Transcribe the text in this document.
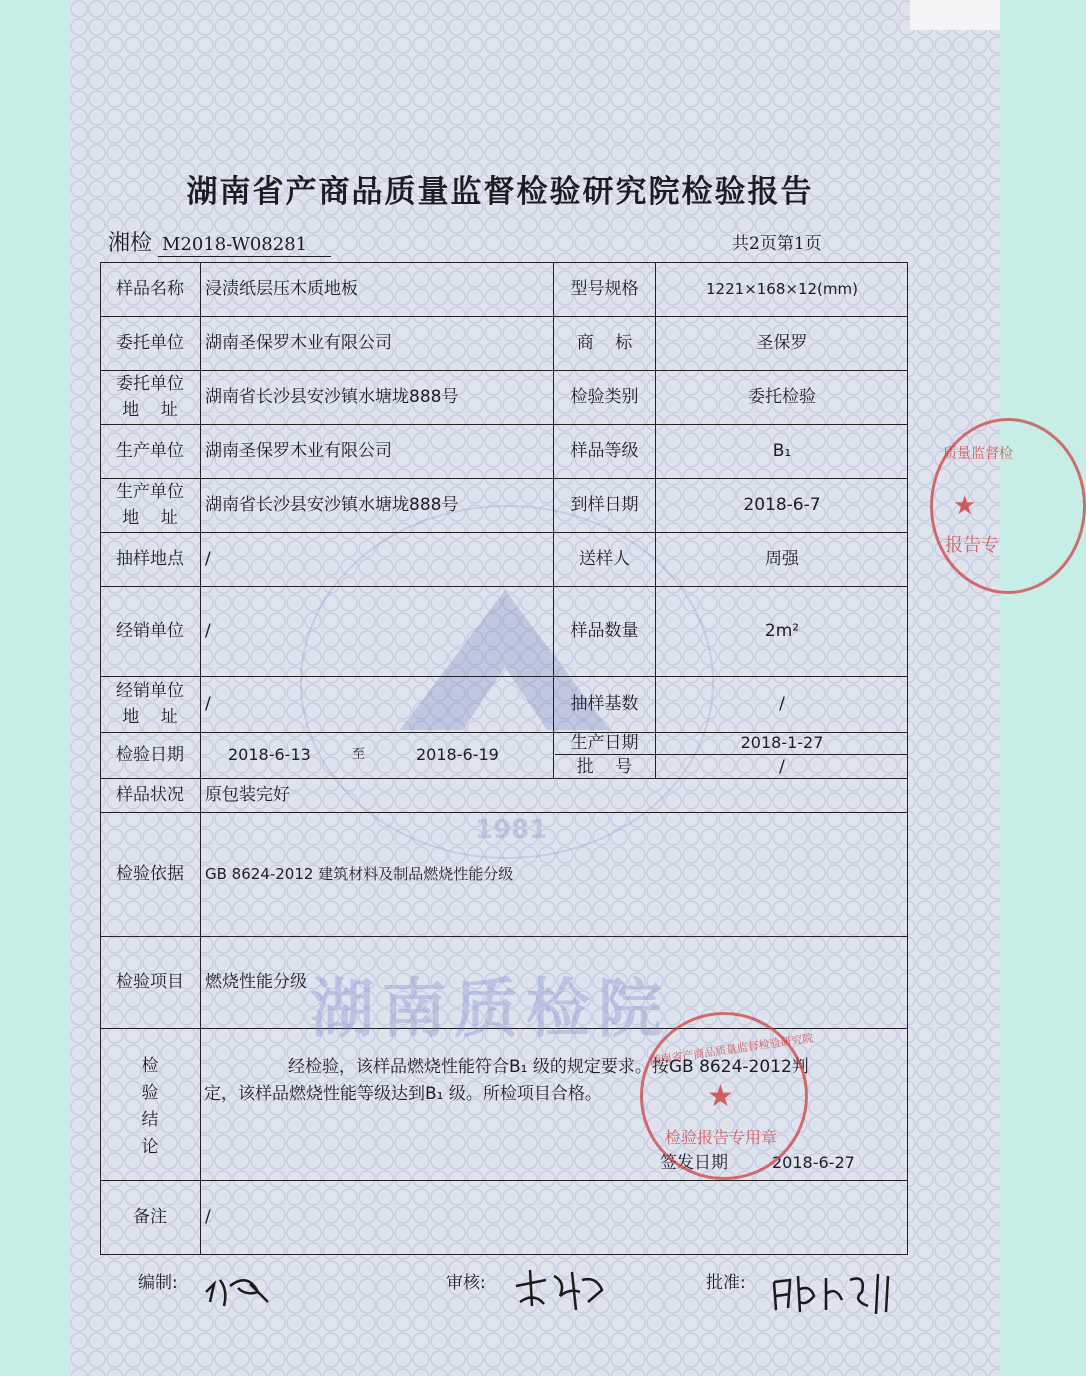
1981
湖南省产商品质量监督检验研究院检验报告
湘检 M2018-W08281	共2页第1页
样品名称	浸渍纸层压木质地板	型号规格	1221×168×12(mm)
委托单位	湖南圣保罗木业有限公司	商    标	圣保罗
委托单位
地    址
湖南省长沙县安沙镇水塘垅888号	检验类别	委托检验
生产单位	湖南圣保罗木业有限公司	样品等级	B₁
生产单位
地    址
湖南省长沙县安沙镇水塘垅888号	到样日期	2018-6-7
抽样地点	/	送样人	周强
经销单位	/	样品数量	2m²
经销单位
地    址
/	抽样基数	/
检验日期	2018-6-13	至	2018-6-19
生产日期	2018-1-27
批    号	/
样品状况	原包装完好
检验依据	GB 8624-2012 建筑材料及制品燃烧性能分级
检验项目	燃烧性能分级
检
验
结
论
经检验，该样品燃烧性能符合B₁ 级的规定要求。按GB 8624-2012判
定，该样品燃烧性能等级达到B₁ 级。所检项目合格。
签发日期	2018-6-27
备注	/
湖南质检院
湖南省产商品质量监督检验研究院
★
检验报告专用章
质量监督检
★
报告专
编制:	审核:	批准:
